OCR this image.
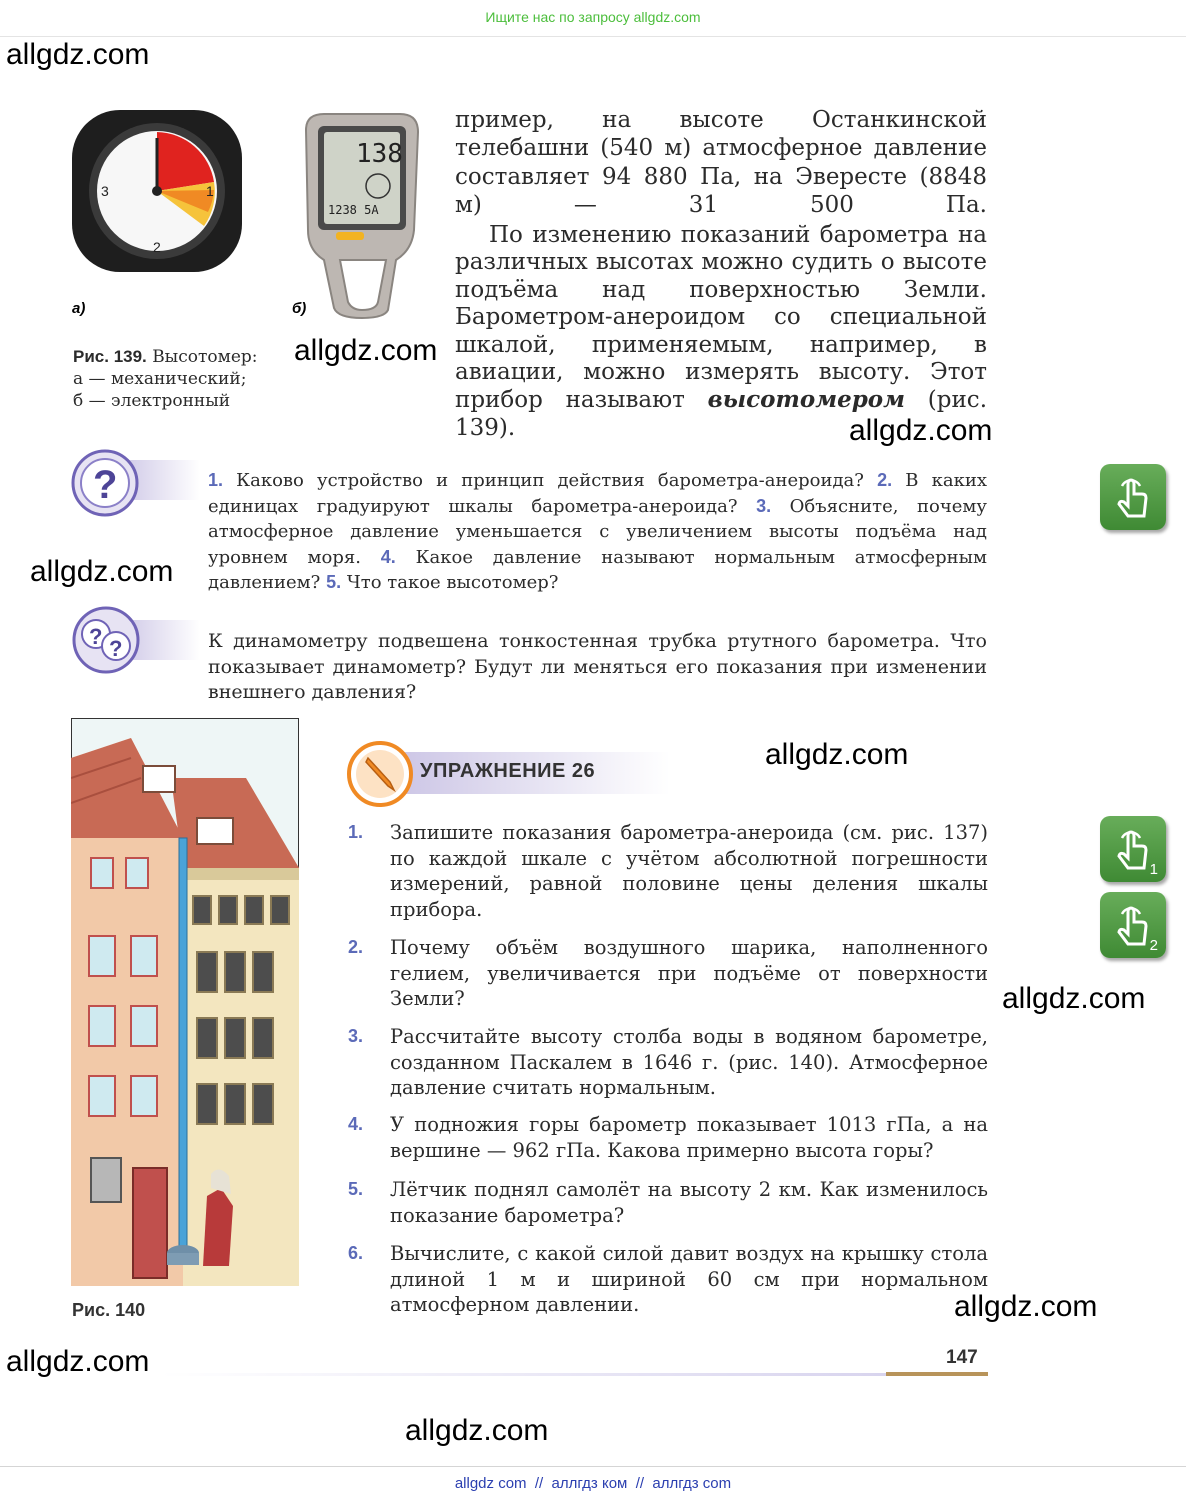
Ищите нас по запросу allgdz.com
allgdz.com
allgdz.com
allgdz.com
allgdz.com
allgdz.com
allgdz.com
allgdz.com
allgdz.com
allgdz.com
3	1
2
а)
138
1238 5A
б)
Рис. 139. Высотомер:
а — механический;
б — электронный
пример, на высоте Останкинской телебашни (540 м) атмосферное давление составляет 94 880 Па, на Эвересте (8848 м) — 31 500 Па.
По изменению показаний барометра на различных высотах можно судить о высоте подъёма над поверхностью Земли. Барометром-анероидом со специальной шкалой, применяемым, например, в авиации, можно измерять высоту. Этот прибор называют высотомером (рис. 139).
?	1. Каково устройство и принцип действия барометра-анероида? 2. В каких единицах градуируют шкалы барометра-анероида? 3. Объясните, почему атмосферное давление уменьшается с увеличением высоты подъёма над уровнем моря. 4. Какое давление называют нормальным атмосферным давлением? 5. Что такое высотомер?
? ?	К динамометру подвешена тонкостенная трубка ртутного барометра. Что показывает динамометр? Будут ли меняться его показания при изменении внешнего давления?
1
2
Рис. 140
УПРАЖНЕНИЕ 26
1. Запишите показания барометра-анероида (см. рис. 137) по каждой шкале с учётом абсолютной погрешности измерений, равной половине цены деления шкалы прибора.
2. Почему объём воздушного шарика, наполненного гелием, увеличивается при подъёме от поверхности Земли?
3. Рассчитайте высоту столба воды в водяном барометре, созданном Паскалем в 1646 г. (рис. 140). Атмосферное давление считать нормальным.
4. У подножия горы барометр показывает 1013 гПа, а на вершине — 962 гПа. Какова примерно высота горы?
5. Лётчик поднял самолёт на высоту 2 км. Как изменилось показание барометра?
6. Вычислите, с какой силой давит воздух на крышку стола длиной 1 м и шириной 60 см при нормальном атмосферном давлении.
147
allgdz com  //  аллгдз ком  //  аллгдз com
